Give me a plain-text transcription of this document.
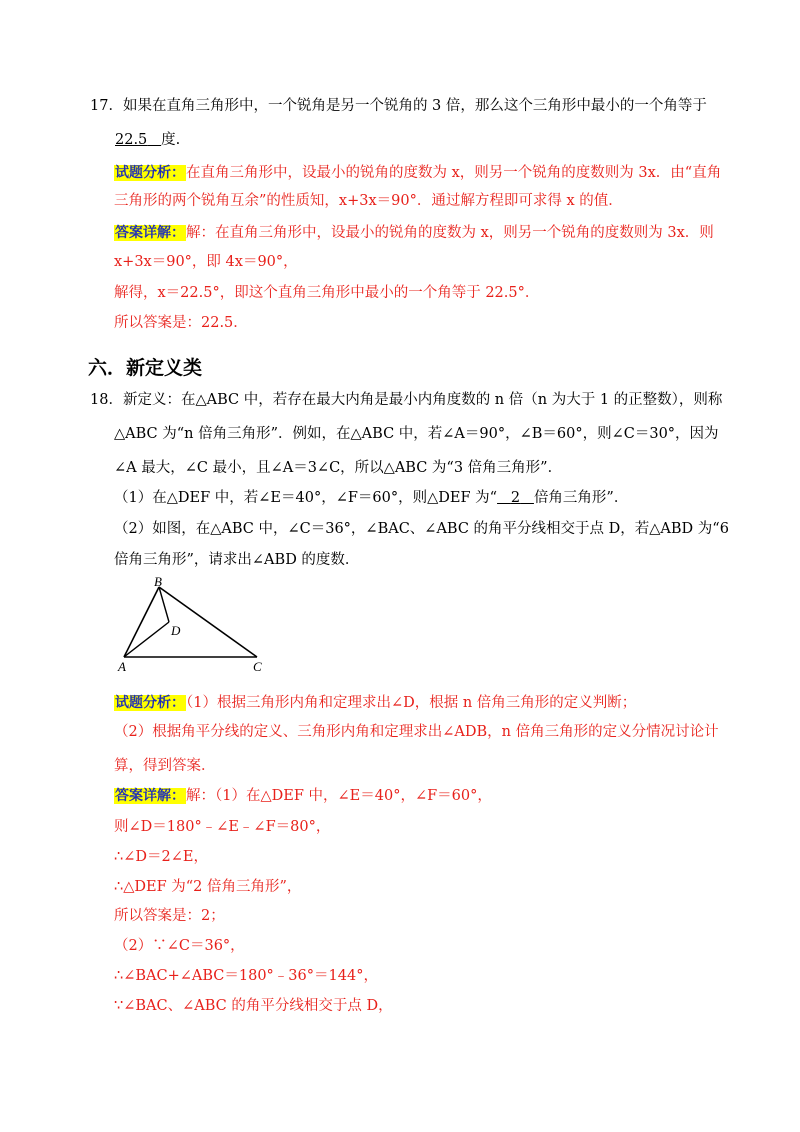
17．如果在直角三角形中，一个锐角是另一个锐角的 3 倍，那么这个三角形中最小的一个角等于
22.5 度.
试题分析：在直角三角形中，设最小的锐角的度数为 x，则另一个锐角的度数则为 3x．由“直角
三角形的两个锐角互余”的性质知，x+3x＝90°．通过解方程即可求得 x 的值．
答案详解：解：在直角三角形中，设最小的锐角的度数为 x，则另一个锐角的度数则为 3x．则
x+3x＝90°，即 4x＝90°，
解得，x＝22.5°，即这个直角三角形中最小的一个角等于 22.5°．
所以答案是：22.5．
六．新定义类
18．新定义：在△ABC 中，若存在最大内角是最小内角度数的 n 倍（n 为大于 1 的正整数），则称
△ABC 为“n 倍角三角形”．例如，在△ABC 中，若∠A＝90°，∠B＝60°，则∠C＝30°，因为
∠A 最大，∠C 最小，且∠A＝3∠C，所以△ABC 为“3 倍角三角形”．
（1）在△DEF 中，若∠E＝40°，∠F＝60°，则△DEF 为“ 2 倍角三角形”．
（2）如图，在△ABC 中，∠C＝36°，∠BAC、∠ABC 的角平分线相交于点 D，若△ABD 为“6
倍角三角形”，请求出∠ABD 的度数．
B
D
A	C
试题分析：（1）根据三角形内角和定理求出∠D，根据 n 倍角三角形的定义判断；
（2）根据角平分线的定义、三角形内角和定理求出∠ADB，n 倍角三角形的定义分情况讨论计
算，得到答案．
答案详解：解：（1）在△DEF 中，∠E＝40°，∠F＝60°，
则∠D＝180°﹣∠E﹣∠F＝80°，
∴∠D＝2∠E，
∴△DEF 为“2 倍角三角形”，
所以答案是：2；
（2）∵∠C＝36°，
∴∠BAC+∠ABC＝180°﹣36°＝144°，
∵∠BAC、∠ABC 的角平分线相交于点 D，
